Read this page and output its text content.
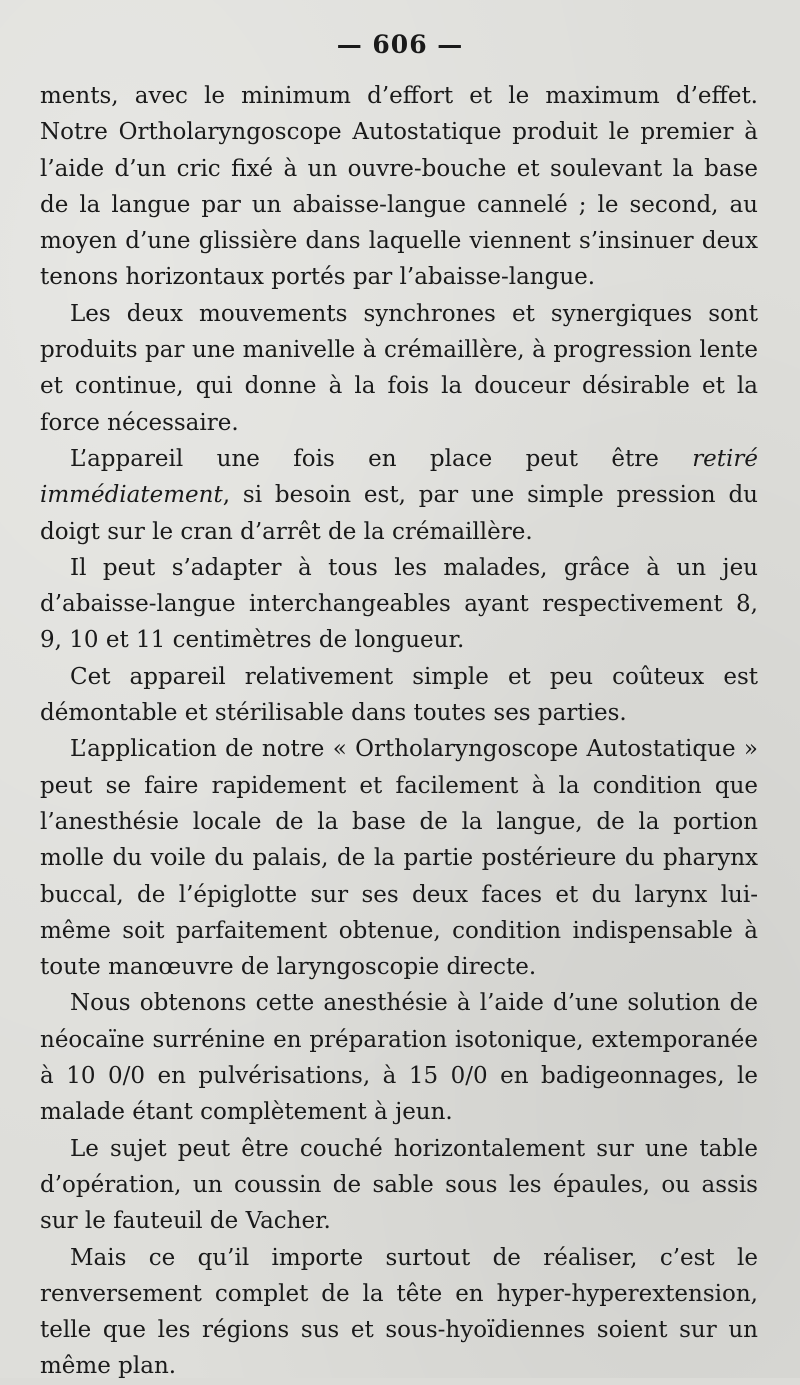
— 606 —

ments, avec le minimum d’effort et le maximum d’effet. Notre Ortholaryngoscope Autostatique produit le premier à l’aide d’un cric fixé à un ouvre-bouche et soulevant la base de la langue par un abaisse-langue cannelé ; le second, au moyen d’une glissière dans laquelle viennent s’insinuer deux tenons horizontaux portés par l’abaisse-langue.

Les deux mouvements synchrones et synergiques sont produits par une manivelle à crémaillère, à progression lente et continue, qui donne à la fois la douceur désirable et la force nécessaire.

L’appareil une fois en place peut être retiré immédiatement, si besoin est, par une simple pression du doigt sur le cran d’arrêt de la crémaillère.

Il peut s’adapter à tous les malades, grâce à un jeu d’abaisse-langue interchangeables ayant respectivement 8, 9, 10 et 11 centimètres de longueur.

Cet appareil relativement simple et peu coûteux est démontable et stérilisable dans toutes ses parties.

L’application de notre « Ortholaryngoscope Autostatique » peut se faire rapidement et facilement à la condition que l’anesthésie locale de la base de la langue, de la portion molle du voile du palais, de la partie postérieure du pharynx buccal, de l’épiglotte sur ses deux faces et du larynx lui-même soit parfaitement obtenue, condition indispensable à toute manœuvre de laryngoscopie directe.

Nous obtenons cette anesthésie à l’aide d’une solution de néocaïne surrénine en préparation isotonique, extemporanée à 10 0/0 en pulvérisations, à 15 0/0 en badigeonnages, le malade étant complètement à jeun.

Le sujet peut être couché horizontalement sur une table d’opération, un coussin de sable sous les épaules, ou assis sur le fauteuil de Vacher.

Mais ce qu’il importe surtout de réaliser, c’est le renversement complet de la tête en hyper-hyperextension, telle que les régions sus et sous-hyoïdiennes soient sur un même plan.
